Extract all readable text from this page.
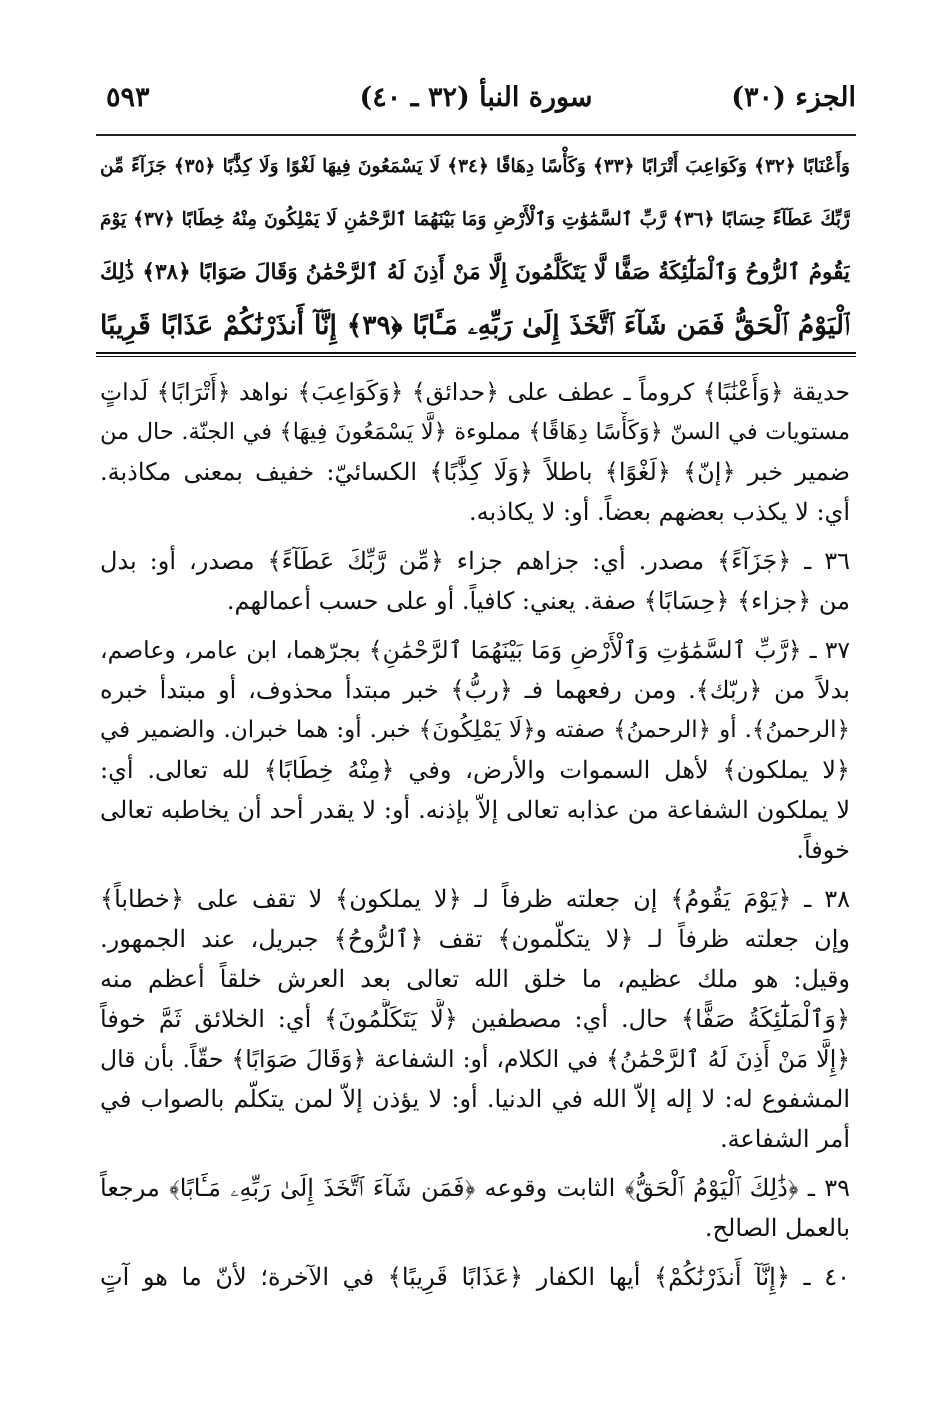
الجزء (٣٠)
سورة النبأ (٣٢ ـ ٤٠)
٥٩٣
وَأَعْنَابًا ﴿٣٢﴾ وَكَوَاعِبَ أَتْرَابًا ﴿٣٣﴾ وَكَأْسًا دِهَاقًا ﴿٣٤﴾ لَا يَسْمَعُونَ فِيهَا لَغْوًا وَلَا كِذَّٰبًا ﴿٣٥﴾ جَزَآءً مِّن
رَّبِّكَ عَطَآءً حِسَابًا ﴿٣٦﴾ رَّبِّ ٱلسَّمَٰوَٰتِ وَٱلْأَرْضِ وَمَا بَيْنَهُمَا ٱلرَّحْمَٰنِ لَا يَمْلِكُونَ مِنْهُ خِطَابًا ﴿٣٧﴾ يَوْمَ
يَقُومُ ٱلرُّوحُ وَٱلْمَلَٰٓئِكَةُ صَفًّا لَّا يَتَكَلَّمُونَ إِلَّا مَنْ أَذِنَ لَهُ ٱلرَّحْمَٰنُ وَقَالَ صَوَابًا ﴿٣٨﴾ ذَٰلِكَ
ٱلْيَوْمُ ٱلْحَقُّ فَمَن شَآءَ ٱتَّخَذَ إِلَىٰ رَبِّهِۦ مَـَٔابًا ﴿٣٩﴾ إِنَّآ أَنذَرْنَٰكُمْ عَذَابًا قَرِيبًا
حديقة ﴿وَأَعْنَٰبًا﴾ كروماً ـ عطف على ﴿حدائق﴾ ﴿وَكَوَاعِبَ﴾ نواهد ﴿أَتْرَابًا﴾ لَداتٍ
مستويات في السنّ ﴿وَكَأْسًا دِهَاقًا﴾ مملوءة ﴿لَّا يَسْمَعُونَ فِيهَا﴾ في الجنّة. حال من
ضمير خبر ﴿إنّ﴾ ﴿لَغْوًا﴾ باطلاً ﴿وَلَا كِذَّٰبًا﴾ الكسائيّ: خفيف بمعنى مكاذبة.
أي: لا يكذب بعضهم بعضاً. أو: لا يكاذبه.
٣٦ ـ ﴿جَزَآءً﴾ مصدر. أي: جزاهم جزاء ﴿مِّن رَّبِّكَ عَطَآءً﴾ مصدر، أو: بدل
من ﴿جزاء﴾ ﴿حِسَابًا﴾ صفة. يعني: كافياً. أو على حسب أعمالهم.
٣٧ ـ ﴿رَّبِّ ٱلسَّمَٰوَٰتِ وَٱلْأَرْضِ وَمَا بَيْنَهُمَا ٱلرَّحْمَٰنِ﴾ بجرّهما، ابن عامر، وعاصم،
بدلاً من ﴿ربّك﴾. ومن رفعهما فـ ﴿ربُّ﴾ خبر مبتدأ محذوف، أو مبتدأ خبره
﴿الرحمنُ﴾. أو ﴿الرحمنُ﴾ صفته و﴿لَا يَمْلِكُونَ﴾ خبر. أو: هما خبران. والضمير في
﴿لا يملكون﴾ لأهل السموات والأرض، وفي ﴿مِنْهُ خِطَابًا﴾ لله تعالى. أي:
لا يملكون الشفاعة من عذابه تعالى إلاّ بإذنه. أو: لا يقدر أحد أن يخاطبه تعالى
خوفاً.
٣٨ ـ ﴿يَوْمَ يَقُومُ﴾ إن جعلته ظرفاً لـ ﴿لا يملكون﴾ لا تقف على ﴿خطاباً﴾
وإن جعلته ظرفاً لـ ﴿لا يتكلّمون﴾ تقف ﴿ٱلرُّوحُ﴾ جبريل، عند الجمهور.
وقيل: هو ملك عظيم، ما خلق الله تعالى بعد العرش خلقاً أعظم منه
﴿وَٱلْمَلَٰٓئِكَةُ صَفًّا﴾ حال. أي: مصطفين ﴿لَّا يَتَكَلَّمُونَ﴾ أي: الخلائق ثَمَّ خوفاً
﴿إِلَّا مَنْ أَذِنَ لَهُ ٱلرَّحْمَٰنُ﴾ في الكلام، أو: الشفاعة ﴿وَقَالَ صَوَابًا﴾ حقّاً. بأن قال
المشفوع له: لا إله إلاّ الله في الدنيا. أو: لا يؤذن إلاّ لمن يتكلّم بالصواب في
أمر الشفاعة.
٣٩ ـ ﴿ذَٰلِكَ ٱلْيَوْمُ ٱلْحَقُّ﴾ الثابت وقوعه ﴿فَمَن شَآءَ ٱتَّخَذَ إِلَىٰ رَبِّهِۦ مَـَٔابًا﴾ مرجعاً
بالعمل الصالح.
٤٠ ـ ﴿إِنَّآ أَنذَرْنَٰكُمْ﴾ أيها الكفار ﴿عَذَابًا قَرِيبًا﴾ في الآخرة؛ لأنّ ما هو آتٍ
